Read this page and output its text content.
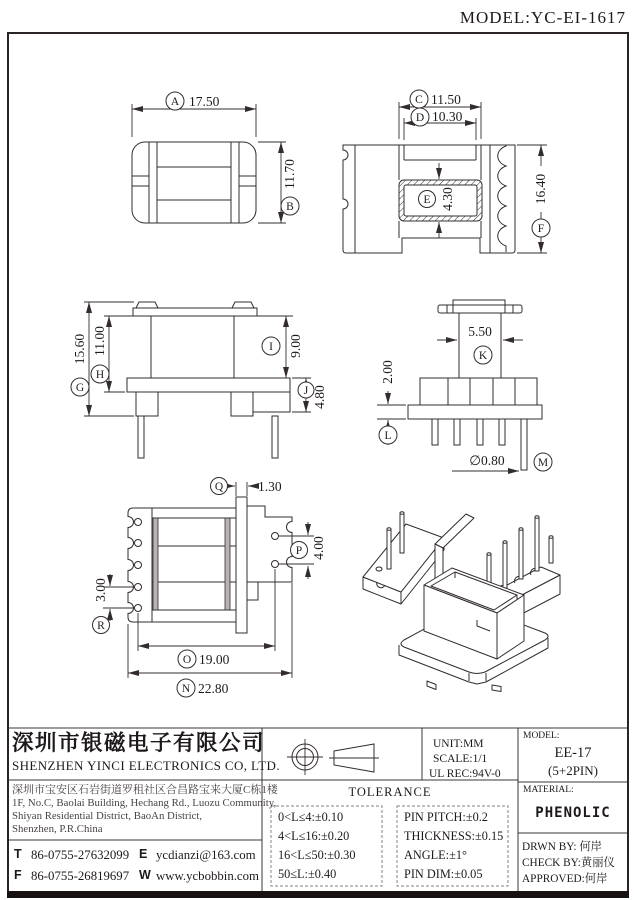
A 17.50
11.70
B
C 11.50
D 10.30
4.30
E	16.40
F
15.60
G
11.00
H
I 9.00
J 4.80
5.50
K
2.00
L
∅0.80	M
Q	1.30
P 4.00
3.00
R
O 19.00
N 22.80
MODEL:YC-EI-1617
深圳市银磁电子有限公司
SHENZHEN YINCI ELECTRONICS CO, LTD.
深圳市宝安区石岩街道罗租社区合昌路宝来大厦C栋1楼
1F, No.C, Baolai Building, Hechang Rd., Luozu Community,
Shiyan Residential District, BaoAn District,
Shenzhen, P.R.China
T 86-0755-27632099 E ycdianzi@163.com
F 86-0755-26819697 W www.ycbobbin.com
UNIT:MM
SCALE:1/1
UL REC:94V-0
TOLERANCE
0<L≤4:±0.10
4<L≤16:±0.20
16<L≤50:±0.30
50≤L:±0.40
PIN PITCH:±0.2
THICKNESS:±0.15
ANGLE:±1°
PIN DIM:±0.05
MODEL:
EE-17
(5+2PIN)
MATERIAL:
PHENOLIC
DRWN BY: 何岸
CHECK BY:黄丽仪
APPROVED:何岸
